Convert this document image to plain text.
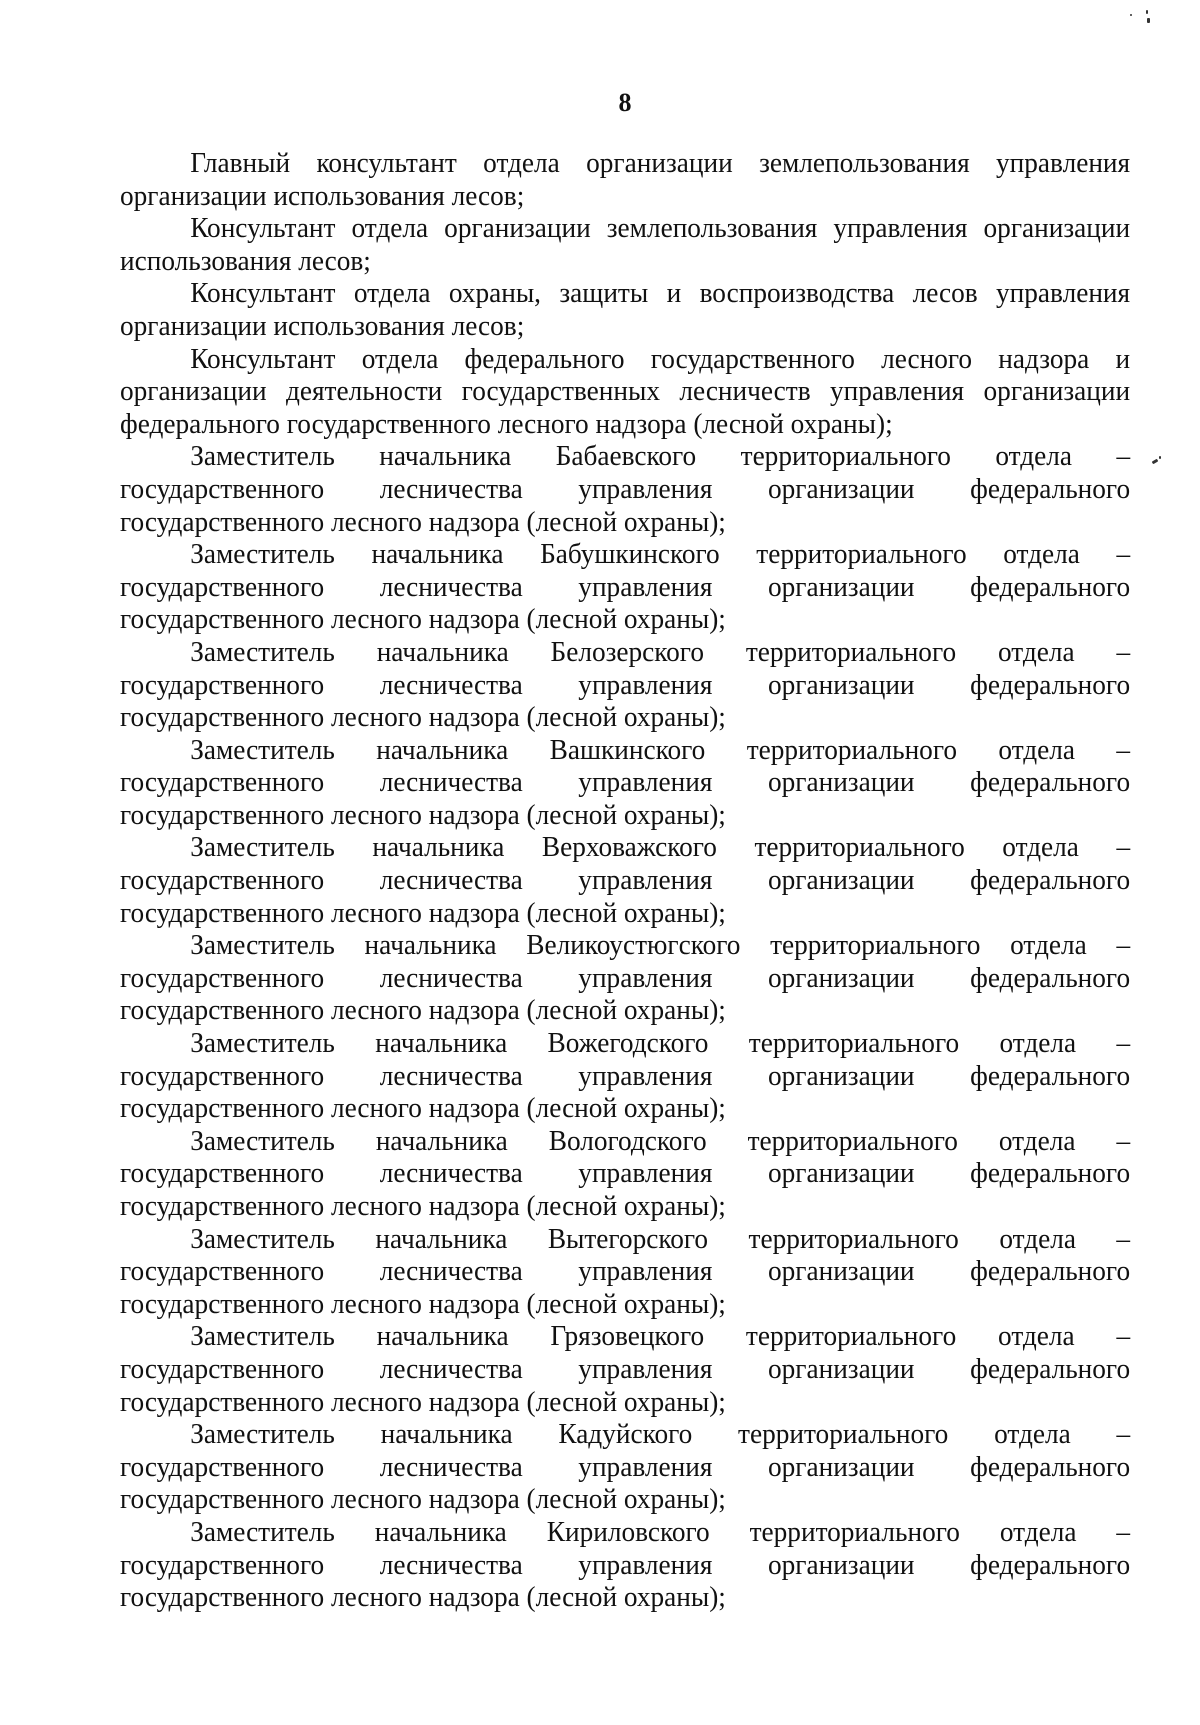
8

Главный консультант отдела организации землепользования управления организации использования лесов;

Консультант отдела организации землепользования управления организации использования лесов;

Консультант отдела охраны, защиты и воспроизводства лесов управления организации использования лесов;

Консультант отдела федерального государственного лесного надзора и организации деятельности государственных лесничеств управления организации федерального государственного лесного надзора (лесной охраны);

Заместитель начальника Бабаевского территориального отдела – государственного лесничества управления организации федерального государственного лесного надзора (лесной охраны);

Заместитель начальника Бабушкинского территориального отдела – государственного лесничества управления организации федерального государственного лесного надзора (лесной охраны);

Заместитель начальника Белозерского территориального отдела – государственного лесничества управления организации федерального государственного лесного надзора (лесной охраны);

Заместитель начальника Вашкинского территориального отдела – государственного лесничества управления организации федерального государственного лесного надзора (лесной охраны);

Заместитель начальника Верховажского территориального отдела – государственного лесничества управления организации федерального государственного лесного надзора (лесной охраны);

Заместитель начальника Великоустюгского территориального отдела – государственного лесничества управления организации федерального государственного лесного надзора (лесной охраны);

Заместитель начальника Вожегодского территориального отдела – государственного лесничества управления организации федерального государственного лесного надзора (лесной охраны);

Заместитель начальника Вологодского территориального отдела – государственного лесничества управления организации федерального государственного лесного надзора (лесной охраны);

Заместитель начальника Вытегорского территориального отдела – государственного лесничества управления организации федерального государственного лесного надзора (лесной охраны);

Заместитель начальника Грязовецкого территориального отдела – государственного лесничества управления организации федерального государственного лесного надзора (лесной охраны);

Заместитель начальника Кадуйского территориального отдела – государственного лесничества управления организации федерального государственного лесного надзора (лесной охраны);

Заместитель начальника Кириловского территориального отдела – государственного лесничества управления организации федерального государственного лесного надзора (лесной охраны);
